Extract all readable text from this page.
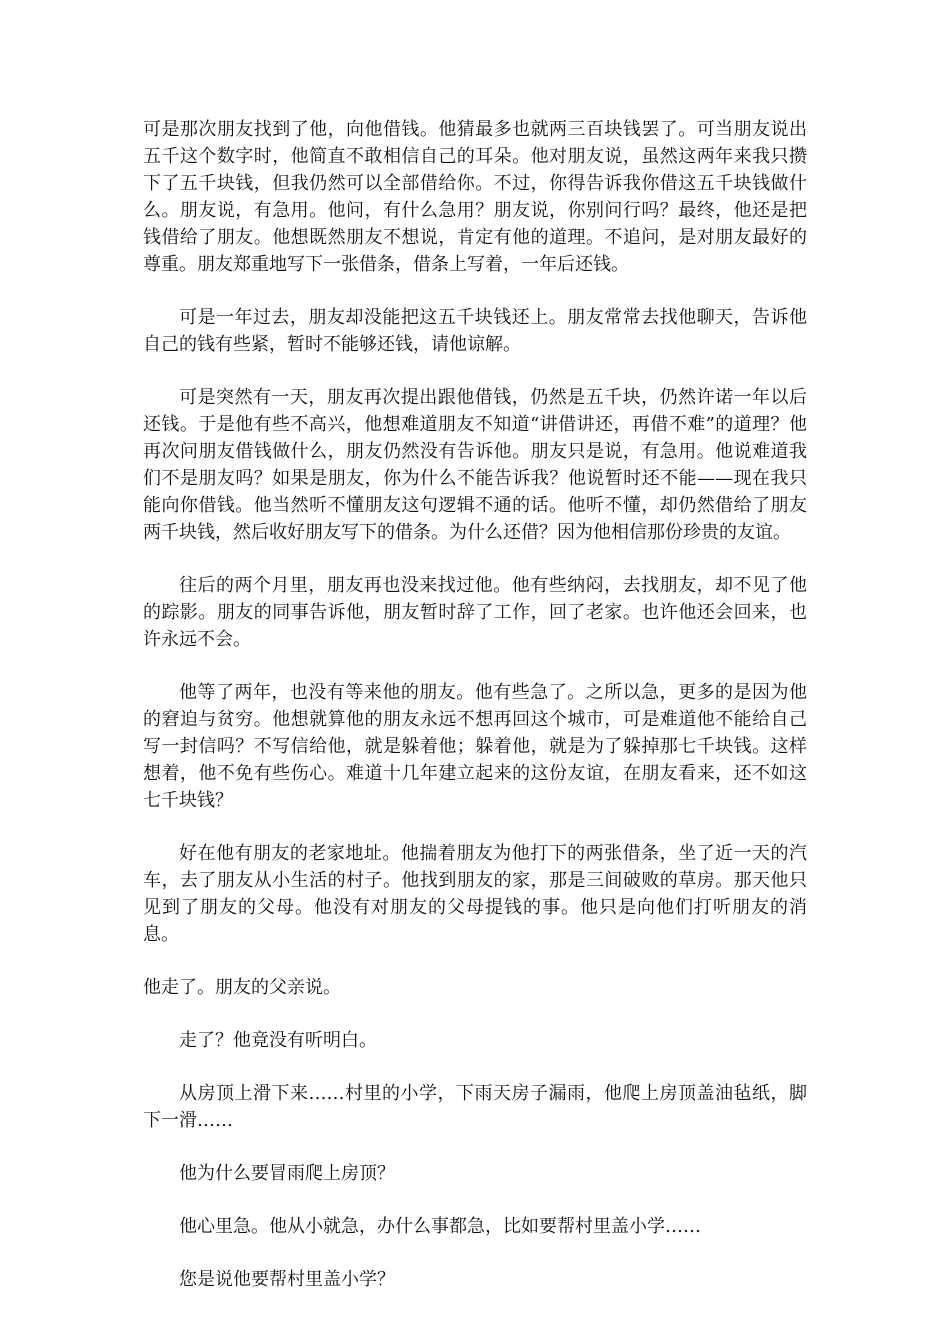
可是那次朋友找到了他，向他借钱。他猜最多也就两三百块钱罢了。可当朋友说出五千这个数字时，他简直不敢相信自己的耳朵。他对朋友说，虽然这两年来我只攒下了五千块钱，但我仍然可以全部借给你。不过，你得告诉我你借这五千块钱做什么。朋友说，有急用。他问，有什么急用？朋友说，你别问行吗？最终，他还是把钱借给了朋友。他想既然朋友不想说，肯定有他的道理。不追问，是对朋友最好的尊重。朋友郑重地写下一张借条，借条上写着，一年后还钱。

可是一年过去，朋友却没能把这五千块钱还上。朋友常常去找他聊天，告诉他自己的钱有些紧，暂时不能够还钱，请他谅解。

可是突然有一天，朋友再次提出跟他借钱，仍然是五千块，仍然许诺一年以后还钱。于是他有些不高兴，他想难道朋友不知道“讲借讲还，再借不难”的道理？他再次问朋友借钱做什么，朋友仍然没有告诉他。朋友只是说，有急用。他说难道我们不是朋友吗？如果是朋友，你为什么不能告诉我？他说暂时还不能——现在我只能向你借钱。他当然听不懂朋友这句逻辑不通的话。他听不懂，却仍然借给了朋友两千块钱，然后收好朋友写下的借条。为什么还借？因为他相信那份珍贵的友谊。

往后的两个月里，朋友再也没来找过他。他有些纳闷，去找朋友，却不见了他的踪影。朋友的同事告诉他，朋友暂时辞了工作，回了老家。也许他还会回来，也许永远不会。

他等了两年，也没有等来他的朋友。他有些急了。之所以急，更多的是因为他的窘迫与贫穷。他想就算他的朋友永远不想再回这个城市，可是难道他不能给自己写一封信吗？不写信给他，就是躲着他；躲着他，就是为了躲掉那七千块钱。这样想着，他不免有些伤心。难道十几年建立起来的这份友谊，在朋友看来，还不如这七千块钱？

好在他有朋友的老家地址。他揣着朋友为他打下的两张借条，坐了近一天的汽车，去了朋友从小生活的村子。他找到朋友的家，那是三间破败的草房。那天他只见到了朋友的父母。他没有对朋友的父母提钱的事。他只是向他们打听朋友的消息。

他走了。朋友的父亲说。

走了？他竟没有听明白。

从房顶上滑下来……村里的小学，下雨天房子漏雨，他爬上房顶盖油毡纸，脚下一滑……

他为什么要冒雨爬上房顶？

他心里急。他从小就急，办什么事都急，比如要帮村里盖小学……

您是说他要帮村里盖小学？
